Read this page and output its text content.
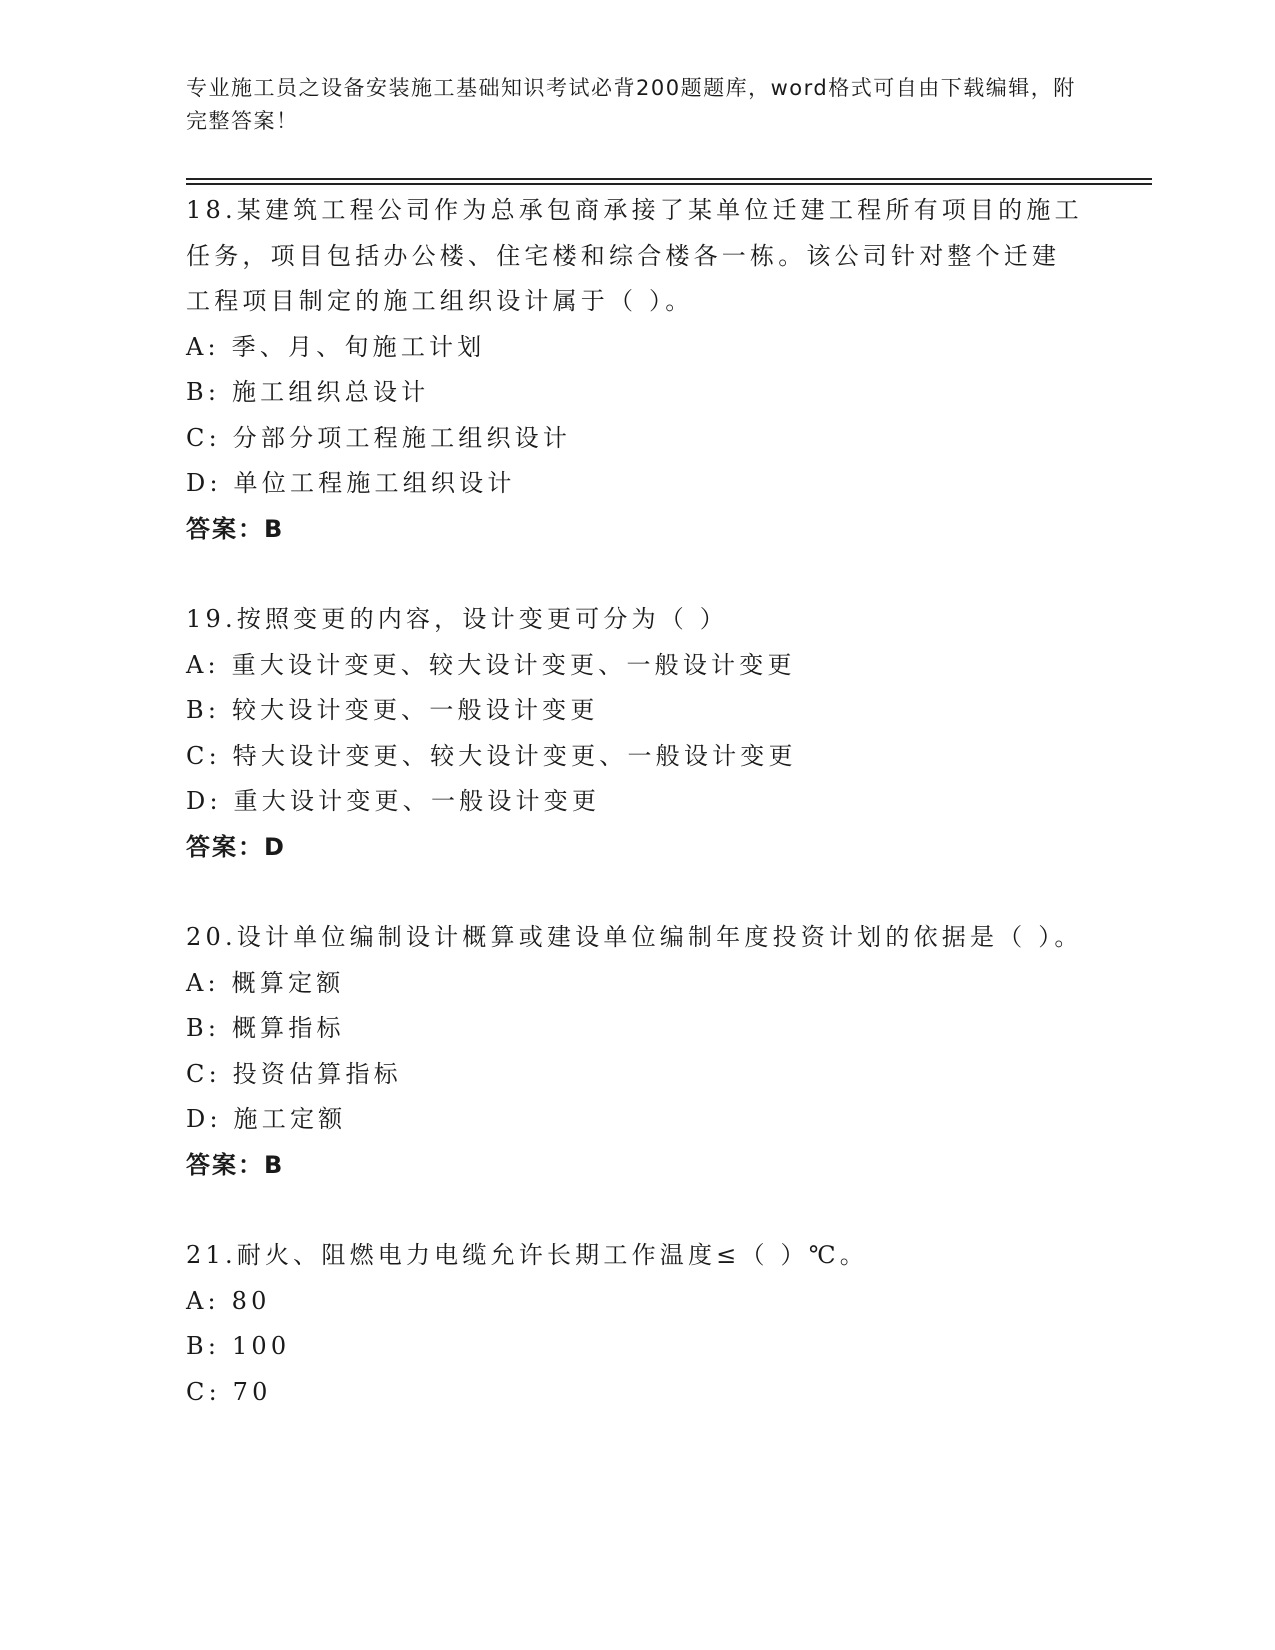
专业施工员之设备安装施工基础知识考试必背200题题库，word格式可自由下载编辑，附完整答案！
18.某建筑工程公司作为总承包商承接了某单位迁建工程所有项目的施工任务，项目包括办公楼、住宅楼和综合楼各一栋。该公司针对整个迁建工程项目制定的施工组织设计属于（ ）。
A: 季、月、旬施工计划
B: 施工组织总设计
C: 分部分项工程施工组织设计
D: 单位工程施工组织设计
答案：B
19.按照变更的内容，设计变更可分为（ ）
A: 重大设计变更、较大设计变更、一般设计变更
B: 较大设计变更、一般设计变更
C: 特大设计变更、较大设计变更、一般设计变更
D: 重大设计变更、一般设计变更
答案：D
20.设计单位编制设计概算或建设单位编制年度投资计划的依据是（ ）。
A: 概算定额
B: 概算指标
C: 投资估算指标
D: 施工定额
答案：B
21.耐火、阻燃电力电缆允许长期工作温度≤（ ）℃。
A: 80
B: 100
C: 70
